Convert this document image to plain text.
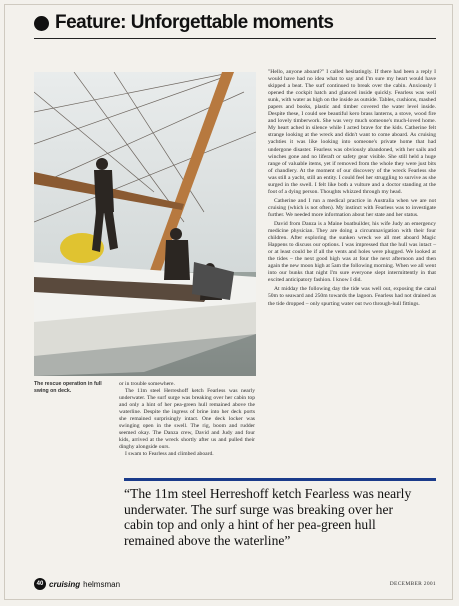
Feature: Unforgettable moments
The rescue operation in full swing on deck.

or in trouble somewhere.

The 11m steel Herreshoff ketch Fearless was nearly underwater. The surf surge was breaking over her cabin top and only a hint of her pea-green hull remained above the waterline. Despite the ingress of brine into her deck ports she remained surprisingly intact. One deck locker was swinging open in the swell. The rig, boom and rudder seemed okay. The Danza crew, David and Judy and four kids, arrived at the wreck shortly after us and pulled their dinghy alongside ours.

I swam to Fearless and climbed aboard.

"Hello, anyone aboard?" I called hesitatingly. If there had been a reply I would have had no idea what to say and I'm sure my heart would have skipped a beat. The surf continued to break over the cabin. Anxiously I opened the cockpit hatch and glanced inside quickly. Fearless was well sunk, with water as high on the inside as outside. Tables, cushions, mashed papers and books, plastic and timber covered the water level inside. Despite these, I could see beautiful kero brass lanterns, a stove, wood fire and lovely timberwork. She was very much someone's much-loved home. My heart ached in silence while I acted brave for the kids. Catherine felt strange looking at the wreck and didn't want to come aboard. As cruising yachties it was like looking into someone's private home that had undergone disaster. Fearless was obviously abandoned, with her sails and winches gone and no liferaft or safety gear visible. She still held a huge range of valuable items, yet if removed from the whole they were just bits of chandlery. At the moment of our discovery of the wreck Fearless she was still a yacht, still an entity. I could feel her struggling to survive as she surged in the swell. I felt like both a vulture and a doctor standing at the foot of a dying person. Thoughts whizzed through my head.

Catherine and I run a medical practice in Australia when we are not cruising (which is not often). My instinct with Fearless was to investigate further. We needed more information about her state and her status.

David from Danza is a Maine boatbuilder, his wife Judy an emergency medicine physician. They are doing a circumnavigation with their four children. After exploring the sunken wreck we all met aboard Magic Happens to discuss our options. I was impressed that the hull was intact – or at least could be if all the vents and holes were plugged. We looked at the tides – the next good high was at four the next afternoon and then again the new moon high at 5am the following morning. When we all went into our bunks that night I'm sure everyone slept intermittently in that excited anticipatory fashion. I know I did.

At midday the following day the tide was well out, exposing the canal 50m to seaward and 250m towards the lagoon. Fearless had not drained as the tide dropped – only spurting water out two through-hull fittings.

“The 11m steel Herreshoff ketch Fearless was nearly underwater. The surf surge was breaking over her cabin top and only a hint of her pea-green hull remained above the waterline”
40 cruising helmsman	DECEMBER 2001
